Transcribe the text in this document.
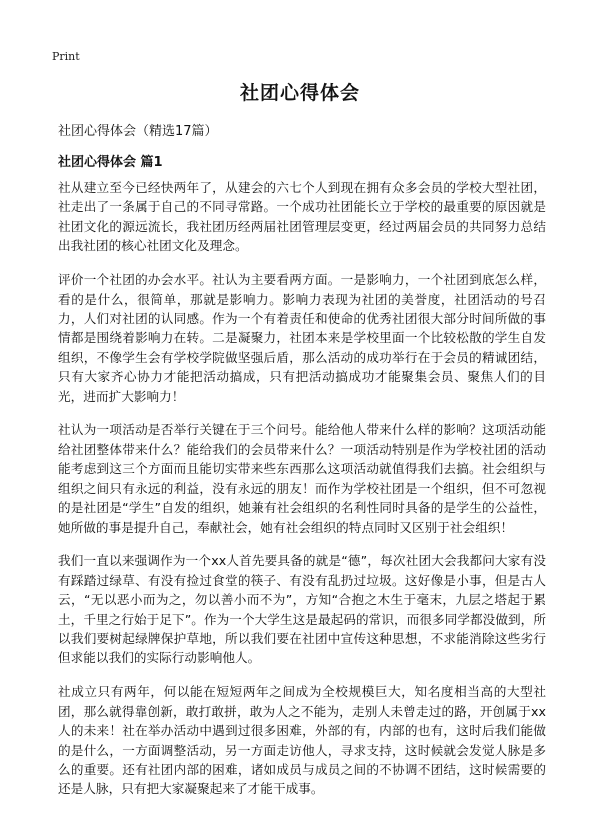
Print
社团心得体会
社团心得体会（精选17篇）
社团心得体会 篇1

社从建立至今已经快两年了，从建会的六七个人到现在拥有众多会员的学校大型社团，社走出了一条属于自己的不同寻常路。一个成功社团能长立于学校的最重要的原因就是社团文化的源远流长，我社团历经两届社团管理层变更，经过两届会员的共同努力总结出我社团的核心社团文化及理念。

评价一个社团的办会水平。社认为主要看两方面。一是影响力，一个社团到底怎么样，看的是什么，很简单，那就是影响力。影响力表现为社团的美誉度，社团活动的号召力，人们对社团的认同感。作为一个有着责任和使命的优秀社团很大部分时间所做的事情都是围绕着影响力在转。二是凝聚力，社团本来是学校里面一个比较松散的学生自发组织，不像学生会有学校学院做坚强后盾，那么活动的成功举行在于会员的精诚团结，只有大家齐心协力才能把活动搞成，只有把活动搞成功才能聚集会员、聚焦人们的目光，进而扩大影响力！

社认为一项活动是否举行关键在于三个问号。能给他人带来什么样的影响？这项活动能给社团整体带来什么？能给我们的会员带来什么？一项活动特别是作为学校社团的活动能考虑到这三个方面而且能切实带来些东西那么这项活动就值得我们去搞。社会组织与组织之间只有永远的利益，没有永远的朋友！而作为学校社团是一个组织，但不可忽视的是社团是“学生”自发的组织，她兼有社会组织的名利性同时具备的是学生的公益性，她所做的事是提升自己，奉献社会，她有社会组织的特点同时又区别于社会组织！

我们一直以来强调作为一个xx人首先要具备的就是“德”，每次社团大会我都问大家有没有踩踏过绿草、有没有捡过食堂的筷子、有没有乱扔过垃圾。这好像是小事，但是古人云，“无以恶小而为之，勿以善小而不为”，方知“合抱之木生于毫末，九层之塔起于累土，千里之行始于足下”。作为一个大学生这是最起码的常识，而很多同学都没做到，所以我们要树起绿牌保护草地，所以我们要在社团中宣传这种思想，不求能消除这些劣行但求能以我们的实际行动影响他人。

社成立只有两年，何以能在短短两年之间成为全校规模巨大，知名度相当高的大型社团，那么就得靠创新，敢打敢拼，敢为人之不能为，走别人未曾走过的路，开创属于xx人的未来！社在举办活动中遇到过很多困难，外部的有，内部的也有，这时后我们能做的是什么，一方面调整活动，另一方面走访他人，寻求支持，这时候就会发觉人脉是多么的重要。还有社团内部的困难，诸如成员与成员之间的不协调不团结，这时候需要的还是人脉，只有把大家凝聚起来了才能干成事。
